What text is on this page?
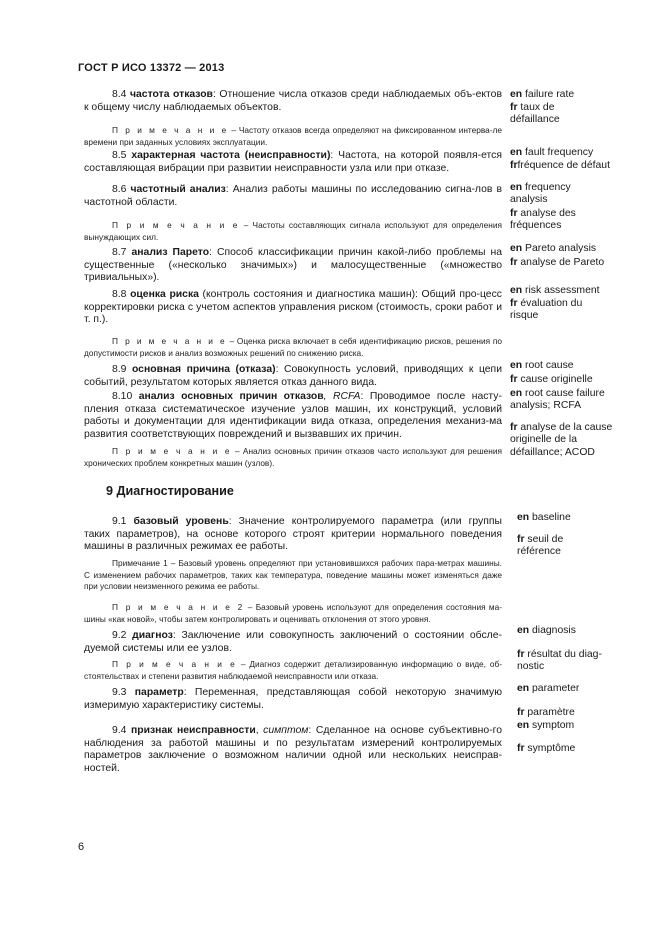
ГОСТ Р ИСО 13372 — 2013
8.4 частота отказов: Отношение числа отказов среди наблюдаемых объ-ектов к общему числу наблюдаемых объектов.
П р и м е ч а н и е – Частоту отказов всегда определяют на фиксированном интерва-ле времени при заданных условиях эксплуатации.
8.5 характерная частота (неисправности): Частота, на которой появля-ется составляющая вибрации при развитии неисправности узла или при отказе.
8.6 частотный анализ: Анализ работы машины по исследованию сигна-лов в частотной области.
П р и м е ч а н и е – Частоты составляющих сигнала используют для определения вынуждающих сил.
8.7 анализ Парето: Способ классификации причин какой-либо проблемы на существенные («несколько значимых») и малосущественные («множество тривиальных»).
8.8 оценка риска (контроль состояния и диагностика машин): Общий про-цесс корректировки риска с учетом аспектов управления риском (стоимость, сроки работ и т. п.).
П р и м е ч а н и е – Оценка риска включает в себя идентификацию рисков, решения по допустимости рисков и анализ возможных решений по снижению риска.
8.9 основная причина (отказа): Совокупность условий, приводящих к цепи событий, результатом которых является отказ данного вида.
8.10 анализ основных причин отказов, RCFA: Проводимое после насту-пления отказа систематическое изучение узлов машин, их конструкций, условий работы и документации для идентификации вида отказа, определения механиз-ма развития соответствующих повреждений и вызвавших их причин.
П р и м е ч а н и е – Анализ основных причин отказов часто используют для решения хронических проблем конкретных машин (узлов).
9 Диагностирование
9.1 базовый уровень: Значение контролируемого параметра (или группы таких параметров), на основе которого строят критерии нормального поведения машины в различных режимах ее работы.
Примечание 1 – Базовый уровень определяют при установившихся рабочих пара-метрах машины. С изменением рабочих параметров, таких как температура, поведение машины может изменяться даже при условии неизменного режима ее работы.
П р и м е ч а н и е 2 – Базовый уровень используют для определения состояния ма-шины «как новой», чтобы затем контролировать и оценивать отклонения от этого уровня.
9.2 диагноз: Заключение или совокупность заключений о состоянии обсле-дуемой системы или ее узлов.
П р и м е ч а н и е – Диагноз содержит детализированную информацию о виде, об-стоятельствах и степени развития наблюдаемой неисправности или отказа.
9.3 параметр: Переменная, представляющая собой некоторую значимую измеримую характеристику системы.
9.4 признак неисправности, симптом: Сделанное на основе субъективно-го наблюдения за работой машины и по результатам измерений контролируемых параметров заключение о возможном наличии одной или нескольких неисправ-ностей.
en failure rate
fr taux de défaillance
en fault frequency
frfréquence de défaut
en frequency analysis
fr analyse des fréquences
en Pareto analysis
fr analyse de Pareto
en risk assessment
fr évaluation du risque
en root cause
fr cause originelle
en root cause failure analysis; RCFA
fr analyse de la cause originelle de la défaillance; ACOD
en baseline
fr seuil de référence
en diagnosis
fr résultat du diag-nostic
en parameter
fr paramètre
en symptom
fr symptôme
6
